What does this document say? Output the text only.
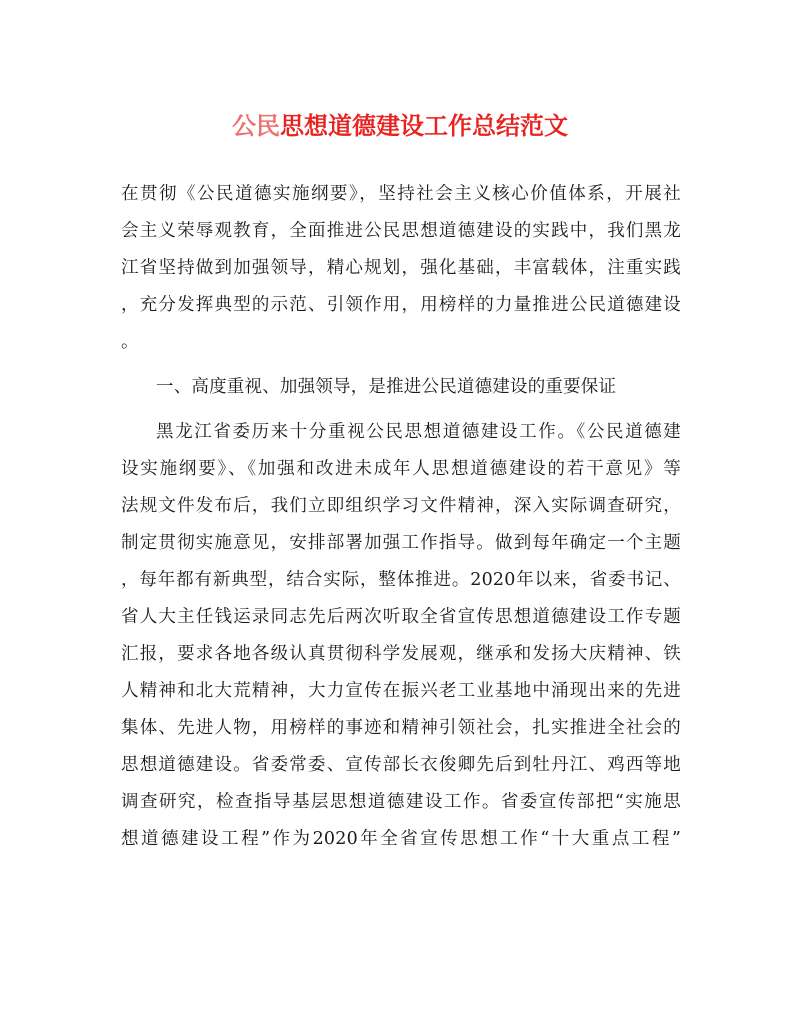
公民思想道德建设工作总结范文
在贯彻《公民道德实施纲要》，坚持社会主义核心价值体系，开展社
会主义荣辱观教育，全面推进公民思想道德建设的实践中，我们黑龙
江省坚持做到加强领导，精心规划，强化基础，丰富载体，注重实践
，充分发挥典型的示范、引领作用，用榜样的力量推进公民道德建设
。
一、高度重视、加强领导，是推进公民道德建设的重要保证
黑龙江省委历来十分重视公民思想道德建设工作。《公民道德建
设实施纲要》、《加强和改进未成年人思想道德建设的若干意见》等
法规文件发布后，我们立即组织学习文件精神，深入实际调查研究，
制定贯彻实施意见，安排部署加强工作指导。做到每年确定一个主题
，每年都有新典型，结合实际，整体推进。2020年以来，省委书记、
省人大主任钱运录同志先后两次听取全省宣传思想道德建设工作专题
汇报，要求各地各级认真贯彻科学发展观，继承和发扬大庆精神、铁
人精神和北大荒精神，大力宣传在振兴老工业基地中涌现出来的先进
集体、先进人物，用榜样的事迹和精神引领社会，扎实推进全社会的
思想道德建设。省委常委、宣传部长衣俊卿先后到牡丹江、鸡西等地
调查研究，检查指导基层思想道德建设工作。省委宣传部把“实施思
想道德建设工程”作为2020年全省宣传思想工作“十大重点工程”
